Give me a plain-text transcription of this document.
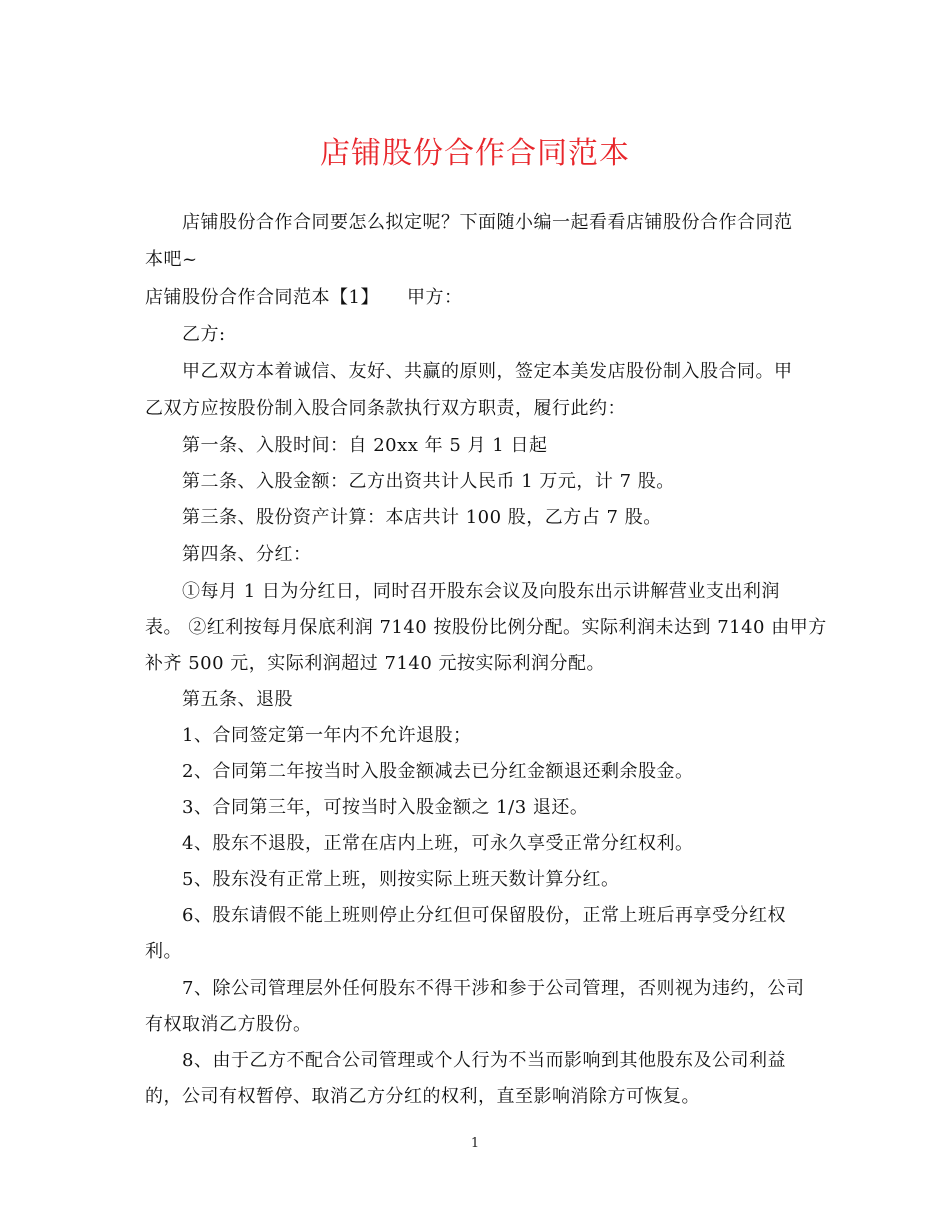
店铺股份合作合同范本
店铺股份合作合同要怎么拟定呢？下面随小编一起看看店铺股份合作合同范
本吧~
店铺股份合作合同范本【1】　　甲方：
乙方:
甲乙双方本着诚信、友好、共赢的原则，签定本美发店股份制入股合同。甲
乙双方应按股份制入股合同条款执行双方职责，履行此约：
第一条、入股时间：自 20xx 年 5 月 1 日起
第二条、入股金额：乙方出资共计人民币 1 万元，计 7 股。
第三条、股份资产计算：本店共计 100 股，乙方占 7 股。
第四条、分红：
①每月 1 日为分红日，同时召开股东会议及向股东出示讲解营业支出利润
表。 ②红利按每月保底利润 7140 按股份比例分配。实际利润未达到 7140 由甲方
补齐 500 元，实际利润超过 7140 元按实际利润分配。
第五条、退股
1、合同签定第一年内不允许退股；
2、合同第二年按当时入股金额减去已分红金额退还剩余股金。
3、合同第三年，可按当时入股金额之 1/3 退还。
4、股东不退股，正常在店内上班，可永久享受正常分红权利。
5、股东没有正常上班，则按实际上班天数计算分红。
6、股东请假不能上班则停止分红但可保留股份，正常上班后再享受分红权
利。
7、除公司管理层外任何股东不得干涉和参于公司管理，否则视为违约，公司
有权取消乙方股份。
8、由于乙方不配合公司管理或个人行为不当而影响到其他股东及公司利益
的，公司有权暂停、取消乙方分红的权利，直至影响消除方可恢复。
1
